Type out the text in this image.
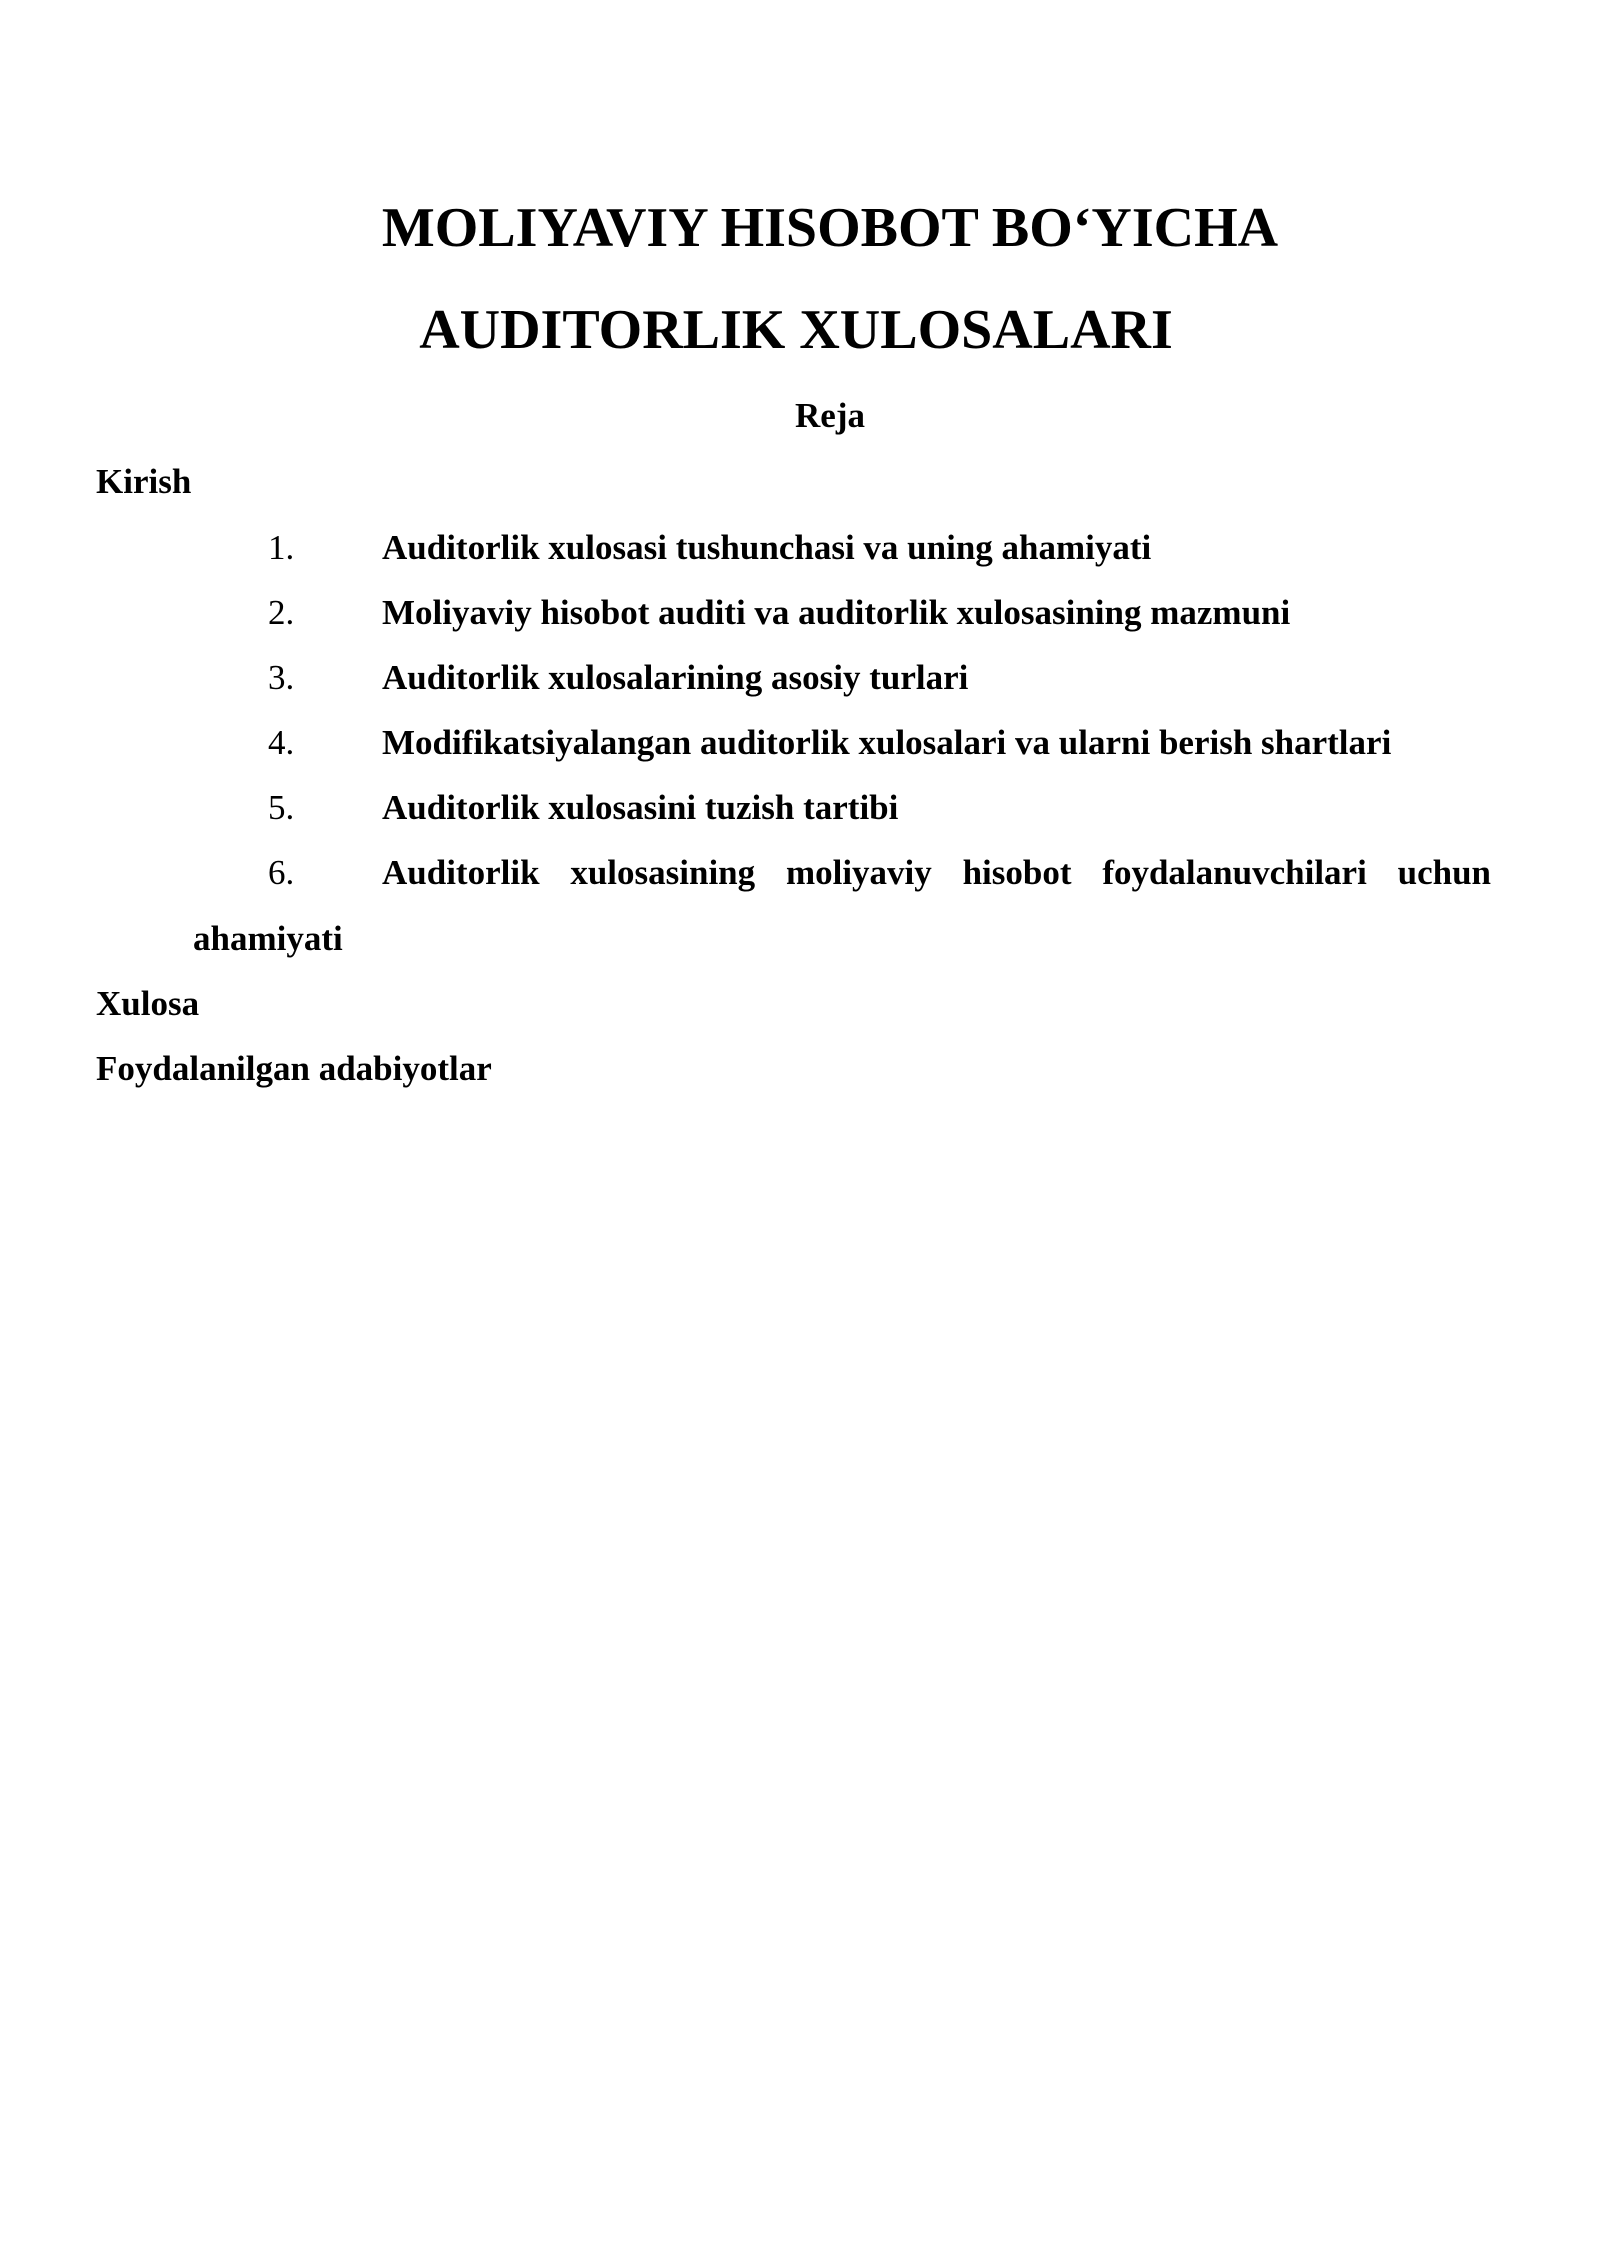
MOLIYAVIY HISOBOT BO‘YICHA
AUDITORLIK XULOSALARI
Reja
Kirish
1.	Auditorlik xulosasi tushunchasi va uning ahamiyati
2.	Moliyaviy hisobot auditi va auditorlik xulosasining mazmuni
3.	Auditorlik xulosalarining asosiy turlari
4.	Modifikatsiyalangan auditorlik xulosalari va ularni berish shartlari
5.	Auditorlik xulosasini tuzish tartibi
6.	Auditorlik xulosasining moliyaviy hisobot foydalanuvchilari uchun
ahamiyati
Xulosa
Foydalanilgan adabiyotlar
